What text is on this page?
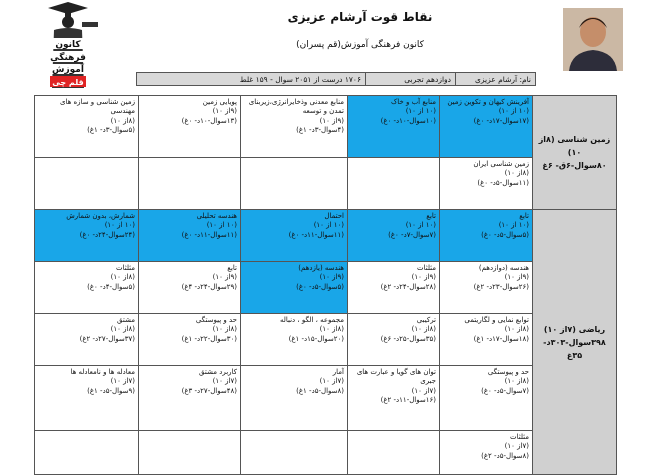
کانون
فرهنگی
آموزش
قلم چی
نقاط قوت آرشام عزیزی
کانون فرهنگی آموزش(قم پسران)
نام: آرشام عزیزی
دوازدهم تجربی
۱۷۰۶ درست از ۲۰۵۱ سوال - ۱۵۹ غلط
زمین شناسی (۸از ۱۰)
۸۰سوال-۶ق- ۶غ	آفرینش کیهان و تکوین زمین
(۱۰ از ۱۰)
(۱۷سوال-۱۷د- ۰غ)	منابع آب و خاک
(۱۰ از ۱۰)
(۱۰سوال-۱۰د- ۰غ)	منابع معدنی وذخایرانرژی،زیربنای تمدن و توسعه
(۹از ۱۰)
(۴سوال-۳د- ۱غ)	پویایی زمین
(۹از ۱۰)
(۱۳سوال-۱۰د- ۰غ)	زمین شناسی و سازه های مهندسی
(۸از ۱۰)
(۵سوال-۳د- ۱غ)

	زمین شناسی ایران
(۸از ۱۰)
(۱۱سوال-۵د- ۰غ)				

ریاضی (۷از ۱۰)
۳۹۸سوال-۳۰۳د-
۳۵غ	تابع
(۱۰ از ۱۰)
(۵سوال-۵د- ۰غ)	تابع
(۱۰ از ۱۰)
(۷سوال-۷د- ۰غ)	احتمال
(۱۰ از ۱۰)
(۱۱سوال-۱۱د- ۰غ)	هندسه تحلیلی
(۱۰ از ۱۰)
(۱۱سوال-۱۱د- ۰غ)	شمارش، بدون شمارش
(۱۰ از ۱۰)
(۲۴سوال-۲۴د- ۰غ)

	هندسه (دوازدهم)
(۹از ۱۰)
(۲۶سوال-۲۳د- ۲غ)	مثلثات
(۹از ۱۰)
(۲۸سوال-۲۴د- ۲غ)	هندسه (یازدهم)
(۹از ۱۰)
(۵سوال-۵د- ۰غ)	تابع
(۹از ۱۰)
(۲۹سوال-۲۴د- ۴غ)	مثلثات
(۸از ۱۰)
(۵سوال-۴د- ۰غ)

	توابع نمایی و لگاریتمی
(۸از ۱۰)
(۱۸سوال-۱۷د- ۱غ)	ترکیبی
(۸از ۱۰)
(۳۵سوال-۲۵د- ۶غ)	مجموعه ، الگو ، دنباله
(۸از ۱۰)
(۲۰سوال-۱۵د- ۱غ)	حد و پیوستگی
(۸از ۱۰)
(۳۰سوال-۲۲د- ۱غ)	مشتق
(۸از ۱۰)
(۳۷سوال-۲۷د- ۲غ)

	حد و پیوستگی
(۸از ۱۰)
(۷سوال-۵د- ۰غ)	توان های گویا و عبارت های جبری
(۷از ۱۰)
(۱۶سوال-۱۱د- ۲غ)	آمار
(۷از ۱۰)
(۸سوال-۵د- ۱غ)	کاربرد مشتق
(۷از ۱۰)
(۴۸سوال-۲۷د- ۳غ)	معادله ها و نامعادله ها
(۷از ۱۰)
(۹سوال-۵د- ۱غ)

	مثلثات
(۷از ۱۰)
(۸سوال-۵د- ۲غ)				
